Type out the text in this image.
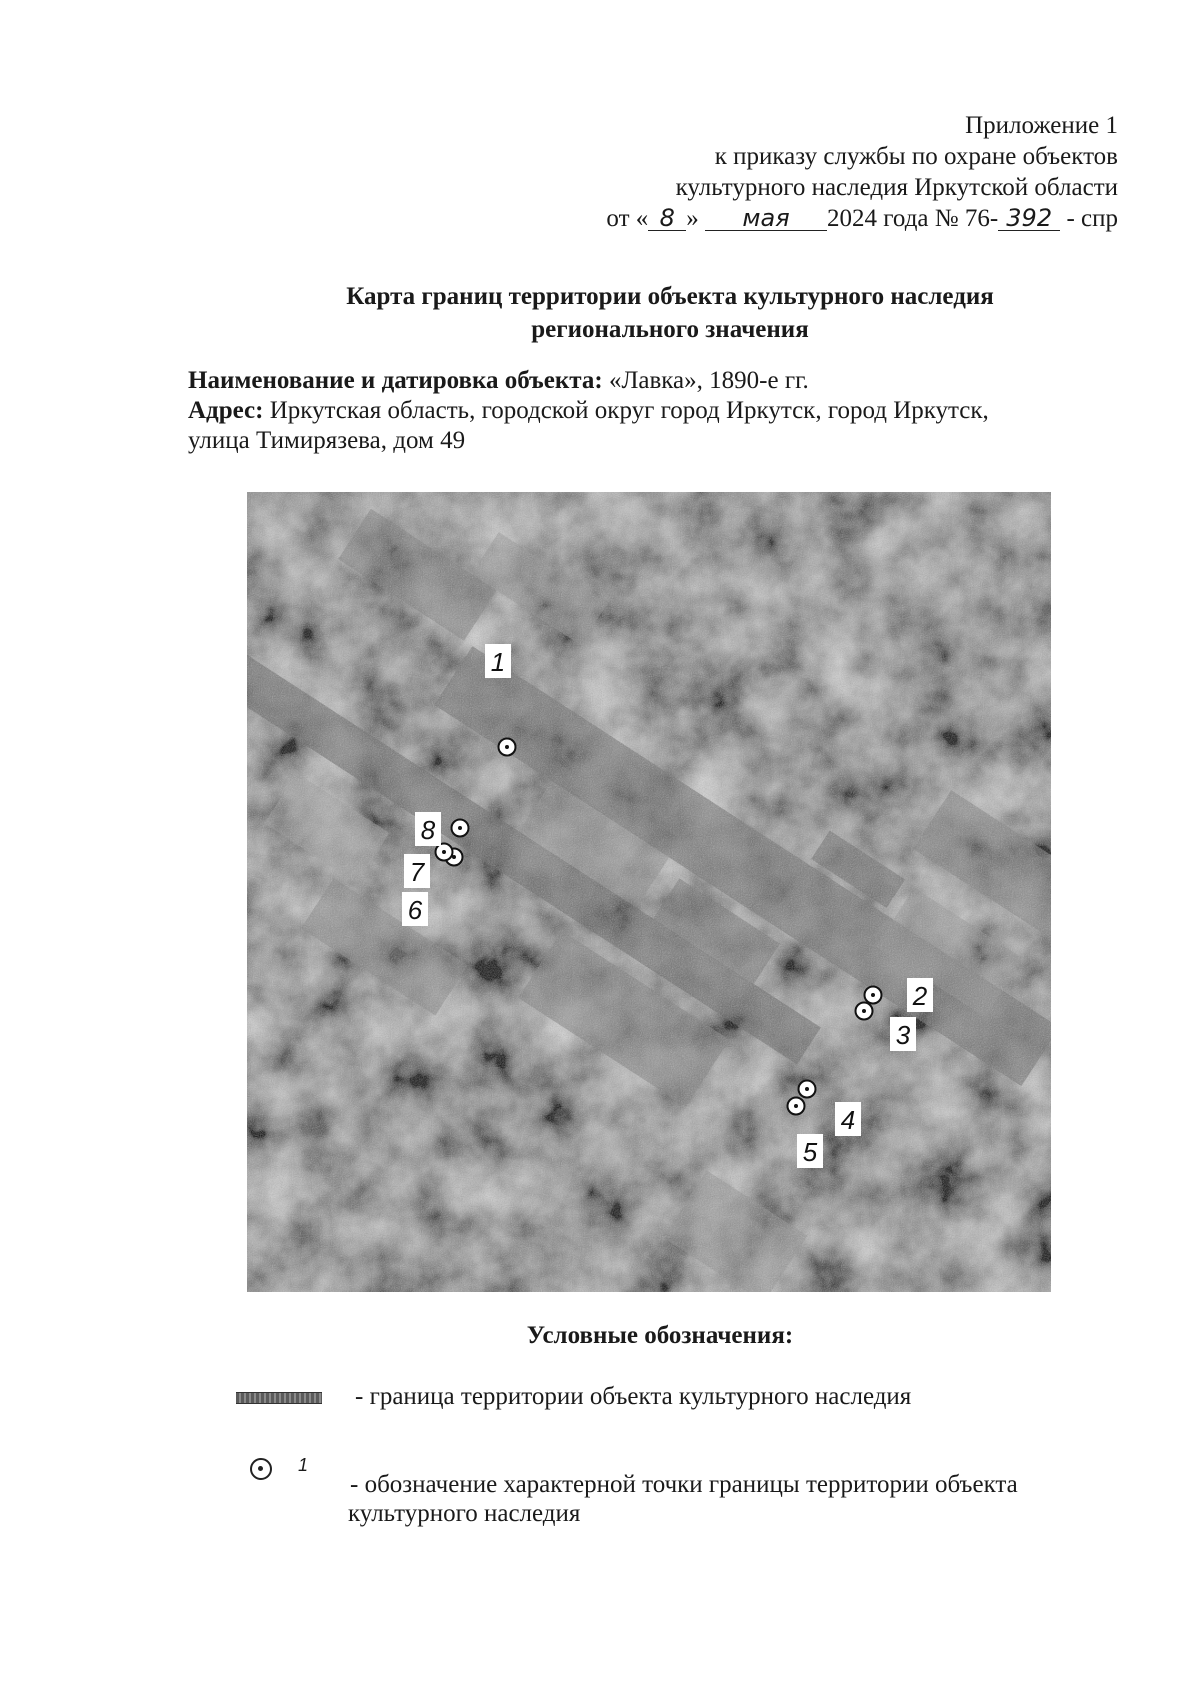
Приложение 1
к приказу службы по охране объектов
культурного наследия Иркутской области
от « 8 » мая 2024 года № 76- 392 - спр
Карта границ территории объекта культурного наследия
регионального значения
Наименование и датировка объекта: «Лавка», 1890-е гг.
Адрес: Иркутская область, городской округ город Иркутск, город Иркутск,
улица Тимирязева, дом 49
1
2
3
4
5
6
7
8
Условные обозначения:
- граница территории объекта культурного наследия
1
- обозначение характерной точки границы территории объекта
культурного наследия
